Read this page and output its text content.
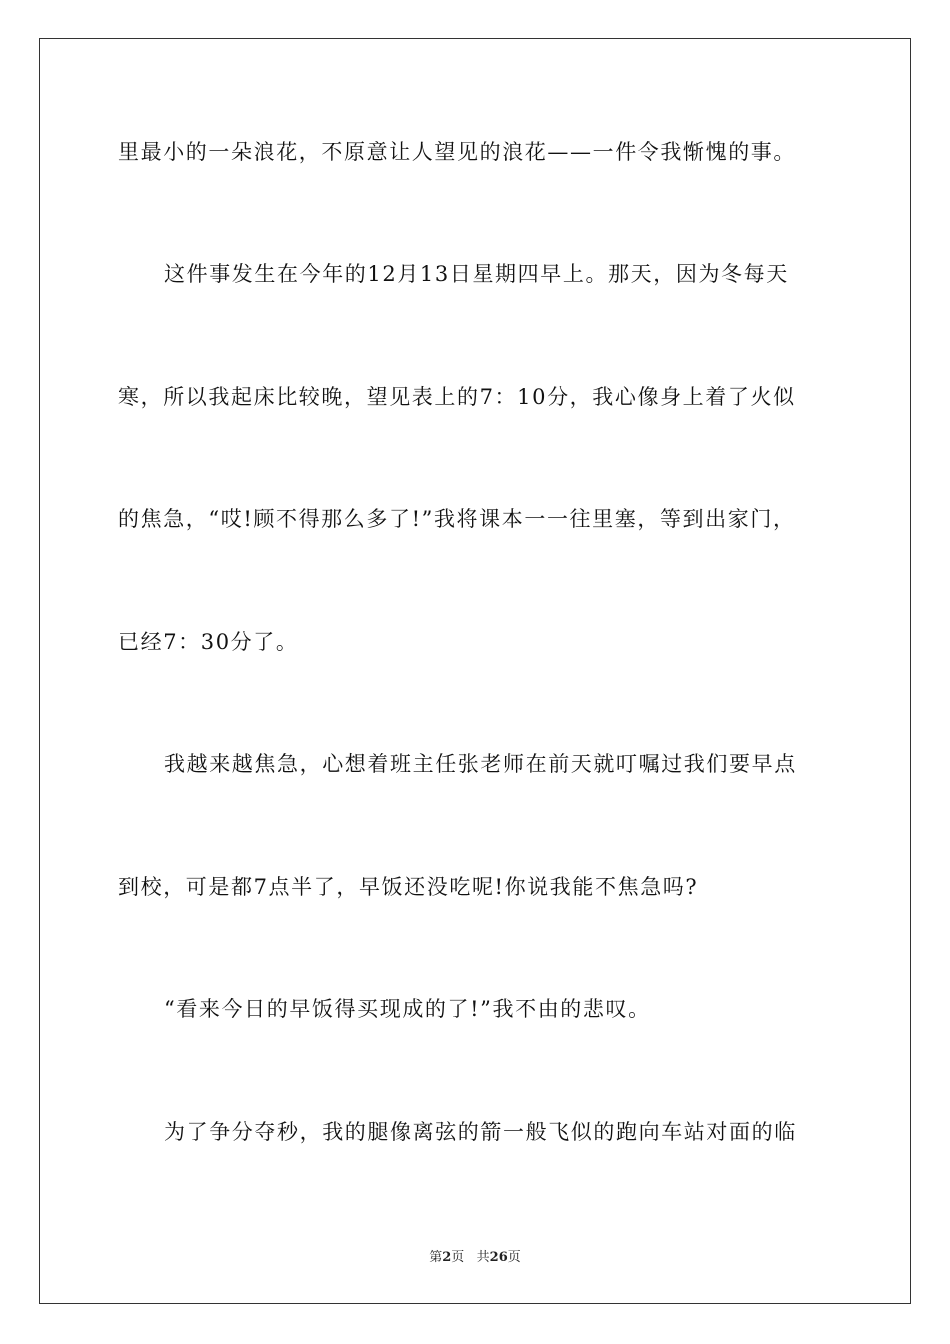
里最小的一朵浪花，不原意让人望见的浪花——一件令我惭愧的事。
这件事发生在今年的12月13日星期四早上。那天，因为冬每天
寒，所以我起床比较晚，望见表上的7：10分，我心像身上着了火似
的焦急，“哎!顾不得那么多了!”我将课本一一往里塞，等到出家门，
已经7：30分了。
我越来越焦急，心想着班主任张老师在前天就叮嘱过我们要早点
到校，可是都7点半了，早饭还没吃呢!你说我能不焦急吗?
“看来今日的早饭得买现成的了!”我不由的悲叹。
为了争分夺秒，我的腿像离弦的箭一般飞似的跑向车站对面的临
第2页   共26页
